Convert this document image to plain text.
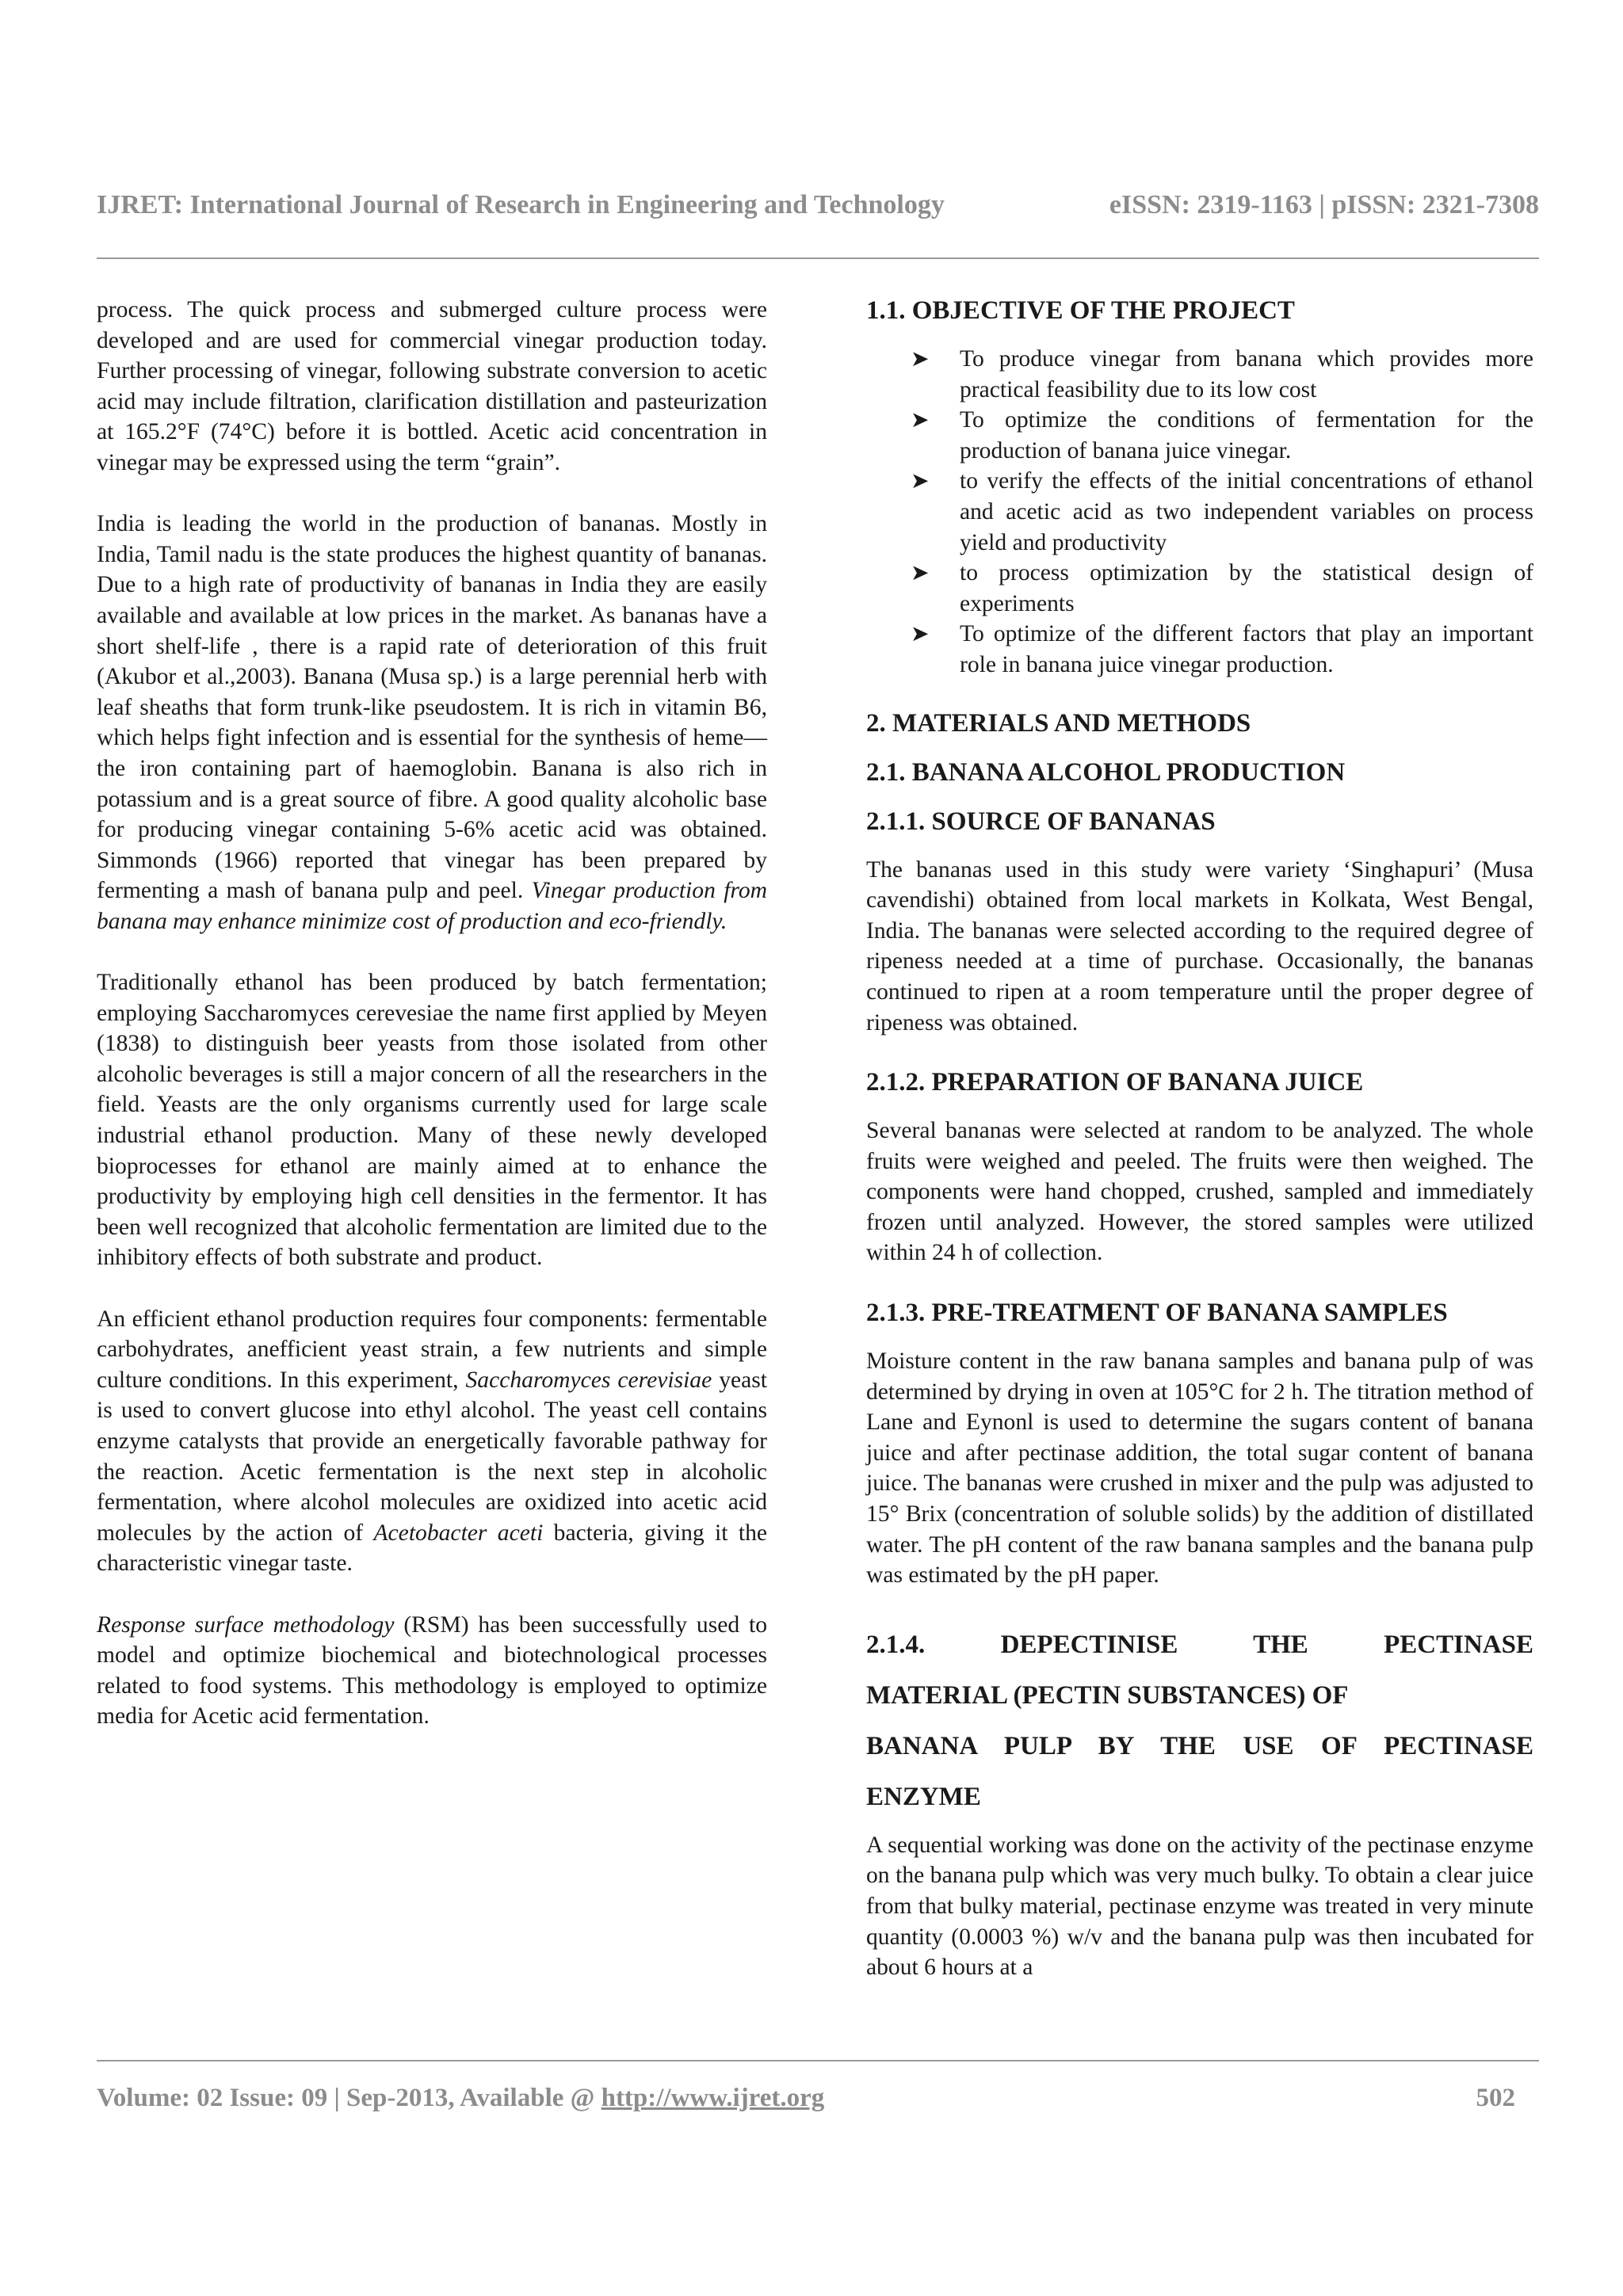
IJRET: International Journal of Research in Engineering and Technology	eISSN: 2319-1163 | pISSN: 2321-7308

process. The quick process and submerged culture process were developed and are used for commercial vinegar production today. Further processing of vinegar, following substrate conversion to acetic acid may include filtration, clarification distillation and pasteurization at 165.2°F (74°C) before it is bottled. Acetic acid concentration in vinegar may be expressed using the term “grain”.

India is leading the world in the production of bananas. Mostly in India, Tamil nadu is the state produces the highest quantity of bananas. Due to a high rate of productivity of bananas in India they are easily available and available at low prices in the market. As bananas have a short shelf-life , there is a rapid rate of deterioration of this fruit (Akubor et al.,2003). Banana (Musa sp.) is a large perennial herb with leaf sheaths that form trunk-like pseudostem. It is rich in vitamin B6, which helps fight infection and is essential for the synthesis of heme—the iron containing part of haemoglobin. Banana is also rich in potassium and is a great source of fibre. A good quality alcoholic base for producing vinegar containing 5-6% acetic acid was obtained. Simmonds (1966) reported that vinegar has been prepared by fermenting a mash of banana pulp and peel. Vinegar production from banana may enhance minimize cost of production and eco-friendly.

Traditionally ethanol has been produced by batch fermentation; employing Saccharomyces cerevesiae the name first applied by Meyen (1838) to distinguish beer yeasts from those isolated from other alcoholic beverages is still a major concern of all the researchers in the field. Yeasts are the only organisms currently used for large scale industrial ethanol production. Many of these newly developed bioprocesses for ethanol are mainly aimed at to enhance the productivity by employing high cell densities in the fermentor. It has been well recognized that alcoholic fermentation are limited due to the inhibitory effects of both substrate and product.

An efficient ethanol production requires four components: fermentable carbohydrates, anefficient yeast strain, a few nutrients and simple culture conditions. In this experiment, Saccharomyces cerevisiae yeast is used to convert glucose into ethyl alcohol. The yeast cell contains enzyme catalysts that provide an energetically favorable pathway for the reaction. Acetic fermentation is the next step in alcoholic fermentation, where alcohol molecules are oxidized into acetic acid molecules by the action of Acetobacter aceti bacteria, giving it the characteristic vinegar taste.

Response surface methodology (RSM) has been successfully used to model and optimize biochemical and biotechnological processes related to food systems. This methodology is employed to optimize media for Acetic acid fermentation.

1.1. OBJECTIVE OF THE PROJECT
➤ To produce vinegar from banana which provides more practical feasibility due to its low cost
➤ To optimize the conditions of fermentation for the production of banana juice vinegar.
➤ to verify the effects of the initial concentrations of ethanol and acetic acid as two independent variables on process yield and productivity
➤ to process optimization by the statistical design of experiments
➤ To optimize of the different factors that play an important role in banana juice vinegar production.
2. MATERIALS AND METHODS
2.1. BANANA ALCOHOL PRODUCTION
2.1.1. SOURCE OF BANANAS

The bananas used in this study were variety ‘Singhapuri’ (Musa cavendishi) obtained from local markets in Kolkata, West Bengal, India. The bananas were selected according to the required degree of ripeness needed at a time of purchase. Occasionally, the bananas continued to ripen at a room temperature until the proper degree of ripeness was obtained.

2.1.2. PREPARATION OF BANANA JUICE

Several bananas were selected at random to be analyzed. The whole fruits were weighed and peeled. The fruits were then weighed. The components were hand chopped, crushed, sampled and immediately frozen until analyzed. However, the stored samples were utilized within 24 h of collection.

2.1.3. PRE-TREATMENT OF BANANA SAMPLES

Moisture content in the raw banana samples and banana pulp of was determined by drying in oven at 105°C for 2 h. The titration method of Lane and Eynonl is used to determine the sugars content of banana juice and after pectinase addition, the total sugar content of banana juice. The bananas were crushed in mixer and the pulp was adjusted to 15° Brix (concentration of soluble solids) by the addition of distillated water. The pH content of the raw banana samples and the banana pulp was estimated by the pH paper.

2.1.4. DEPECTINISE THE PECTINASE
MATERIAL (PECTIN SUBSTANCES) OF
BANANA PULP BY THE USE OF PECTINASE
ENZYME

A sequential working was done on the activity of the pectinase enzyme on the banana pulp which was very much bulky. To obtain a clear juice from that bulky material, pectinase enzyme was treated in very minute quantity (0.0003 %) w/v and the banana pulp was then incubated for about 6 hours at a

Volume: 02 Issue: 09 | Sep-2013, Available @ http://www.ijret.org	502
